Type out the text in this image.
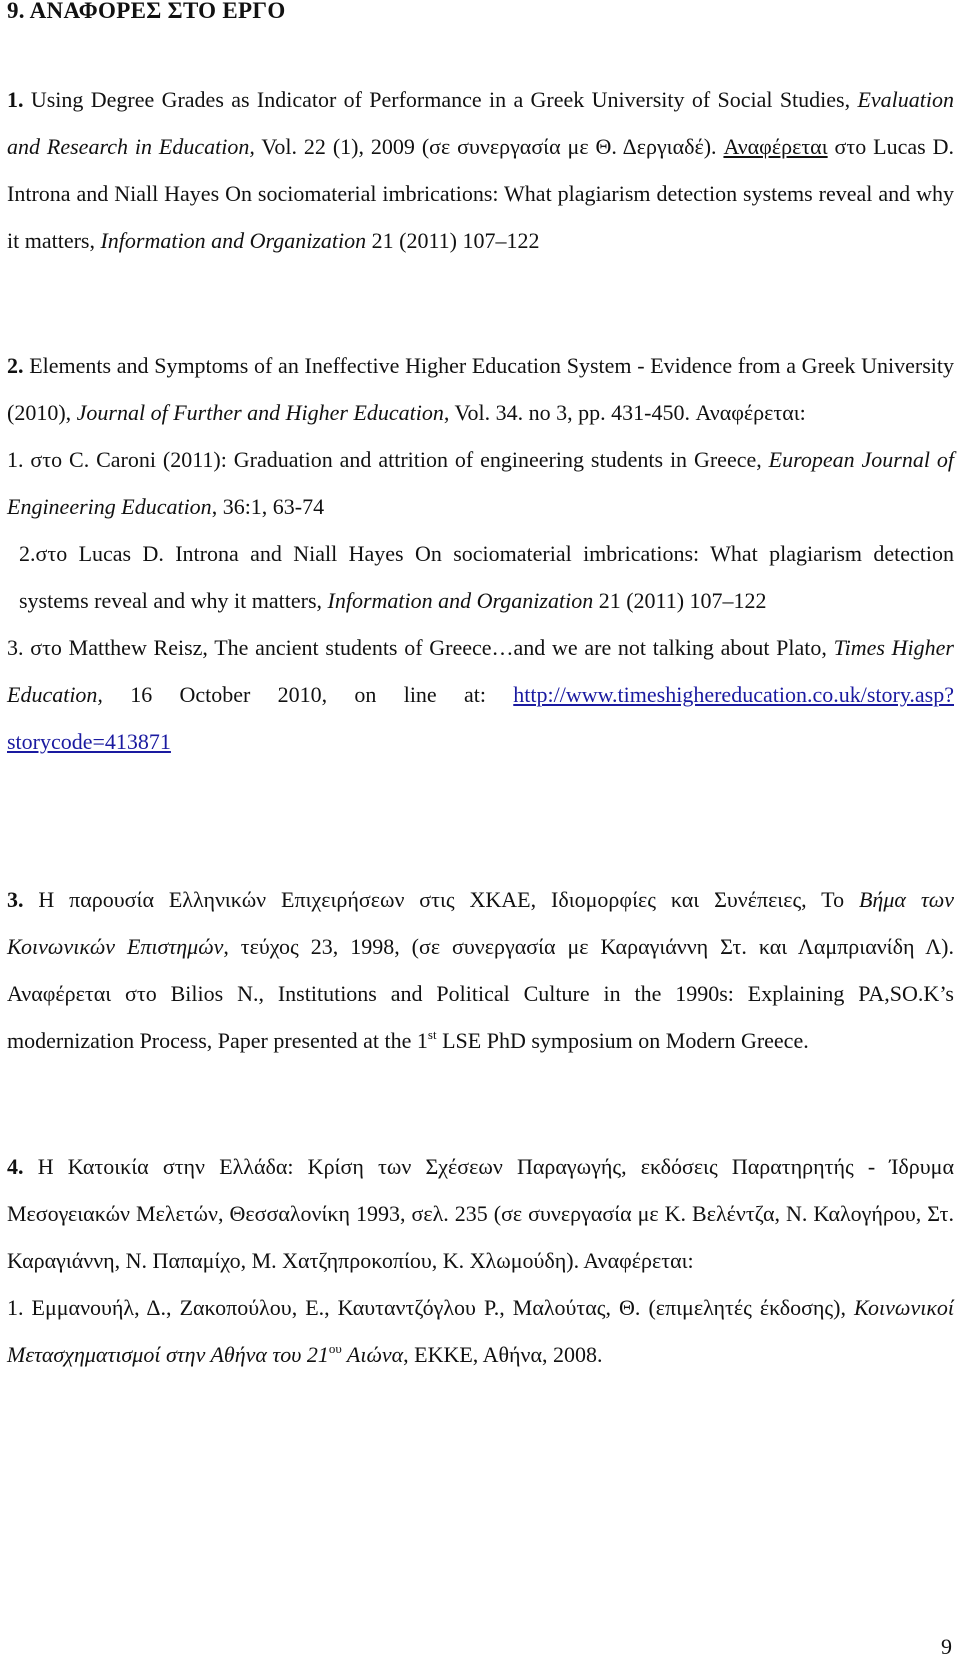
9. ΑΝΑΦΟΡΕΣ ΣΤΟ ΕΡΓΟ

1. Using Degree Grades as Indicator of Performance in a Greek University of Social Studies, Evaluation and Research in Education, Vol. 22 (1), 2009 (σε συνεργασία με Θ. Δεργιαδέ). Αναφέρεται στο Lucas D. Introna and Niall Hayes On sociomaterial imbrications: What plagiarism detection systems reveal and why it matters, Information and Organization 21 (2011) 107–122

2. Elements and Symptoms of an Ineffective Higher Education System - Evidence from a Greek University (2010), Journal of Further and Higher Education, Vol. 34. no 3, pp. 431-450. Αναφέρεται:

1. στο C. Caroni (2011): Graduation and attrition of engineering students in Greece, European Journal of Engineering Education, 36:1, 63-74

2.στο Lucas D. Introna and Niall Hayes On sociomaterial imbrications: What plagiarism detection systems reveal and why it matters, Information and Organization 21 (2011) 107–122

3. στο Matthew Reisz, The ancient students of Greece…and we are not talking about Plato, Times Higher Education, 16 October 2010, on line at: http://www.timeshighereducation.co.uk/story.asp?storycode=413871

3. Η παρουσία Ελληνικών Επιχειρήσεων στις ΧΚΑΕ, Ιδιομορφίες και Συνέπειες, Το Βήμα των Κοινωνικών Επιστημών, τεύχος 23, 1998, (σε συνεργασία με Καραγιάννη Στ. και Λαμπριανίδη Λ). Αναφέρεται στο Bilios N., Institutions and Political Culture in the 1990s: Explaining PA,SO.K’s modernization Process, Paper presented at the 1st LSE PhD symposium on Modern Greece.

4. Η Κατοικία στην Ελλάδα: Κρίση των Σχέσεων Παραγωγής, εκδόσεις Παρατηρητής - Ίδρυμα Μεσογειακών Μελετών, Θεσσαλονίκη 1993, σελ. 235 (σε συνεργασία με Κ. Βελέντζα, Ν. Καλογήρου, Στ. Καραγιάννη, Ν. Παπαμίχο, Μ. Χατζηπροκοπίου, Κ. Χλωμούδη). Αναφέρεται:

1. Εμμανουήλ, Δ., Ζακοπούλου, Ε., Καυταντζόγλου Ρ., Μαλούτας, Θ. (επιμελητές έκδοσης), Κοινωνικοί Μετασχηματισμοί στην Αθήνα του $21^{o\upsilon}$ Αιώνα, ΕΚΚΕ, Αθήνα, 2008.

9
